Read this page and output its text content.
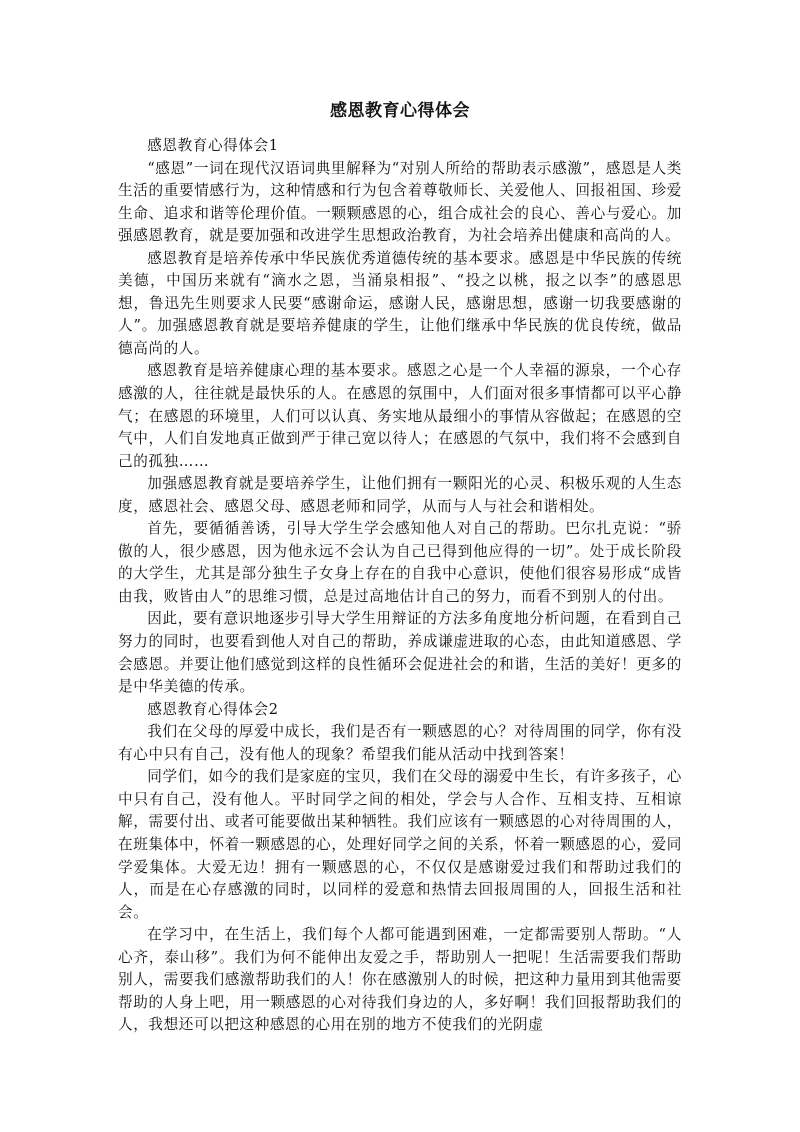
感恩教育心得体会

感恩教育心得体会1

“感恩”一词在现代汉语词典里解释为“对别人所给的帮助表示感激”，感恩是人类生活的重要情感行为，这种情感和行为包含着尊敬师长、关爱他人、回报祖国、珍爱生命、追求和谐等伦理价值。一颗颗感恩的心，组合成社会的良心、善心与爱心。加强感恩教育，就是要加强和改进学生思想政治教育，为社会培养出健康和高尚的人。

感恩教育是培养传承中华民族优秀道德传统的基本要求。感恩是中华民族的传统美德，中国历来就有“滴水之恩，当涌泉相报”、“投之以桃，报之以李”的感恩思想，鲁迅先生则要求人民要“感谢命运，感谢人民，感谢思想，感谢一切我要感谢的人”。加强感恩教育就是要培养健康的学生，让他们继承中华民族的优良传统，做品德高尚的人。

感恩教育是培养健康心理的基本要求。感恩之心是一个人幸福的源泉，一个心存感激的人，往往就是最快乐的人。在感恩的氛围中，人们面对很多事情都可以平心静气；在感恩的环境里，人们可以认真、务实地从最细小的事情从容做起；在感恩的空气中，人们自发地真正做到严于律己宽以待人；在感恩的气氛中，我们将不会感到自己的孤独……

加强感恩教育就是要培养学生，让他们拥有一颗阳光的心灵、积极乐观的人生态度，感恩社会、感恩父母、感恩老师和同学，从而与人与社会和谐相处。

首先，要循循善诱，引导大学生学会感知他人对自己的帮助。巴尔扎克说：“骄傲的人，很少感恩，因为他永远不会认为自己已得到他应得的一切”。处于成长阶段的大学生，尤其是部分独生子女身上存在的自我中心意识，使他们很容易形成“成皆由我，败皆由人”的思维习惯，总是过高地估计自己的努力，而看不到别人的付出。

因此，要有意识地逐步引导大学生用辩证的方法多角度地分析问题，在看到自己努力的同时，也要看到他人对自己的帮助，养成谦虚进取的心态，由此知道感恩、学会感恩。并要让他们感觉到这样的良性循环会促进社会的和谐，生活的美好！更多的是中华美德的传承。

感恩教育心得体会2

我们在父母的厚爱中成长，我们是否有一颗感恩的心？对待周围的同学，你有没有心中只有自己，没有他人的现象？希望我们能从活动中找到答案！

同学们，如今的我们是家庭的宝贝，我们在父母的溺爱中生长，有许多孩子，心中只有自己，没有他人。平时同学之间的相处，学会与人合作、互相支持、互相谅解，需要付出、或者可能要做出某种牺牲。我们应该有一颗感恩的心对待周围的人，在班集体中，怀着一颗感恩的心，处理好同学之间的关系，怀着一颗感恩的心，爱同学爱集体。大爱无边！拥有一颗感恩的心，不仅仅是感谢爱过我们和帮助过我们的人，而是在心存感激的同时，以同样的爱意和热情去回报周围的人，回报生活和社会。

在学习中，在生活上，我们每个人都可能遇到困难，一定都需要别人帮助。“人心齐，泰山移”。我们为何不能伸出友爱之手，帮助别人一把呢！生活需要我们帮助别人，需要我们感激帮助我们的人！你在感激别人的时候，把这种力量用到其他需要帮助的人身上吧，用一颗感恩的心对待我们身边的人，多好啊！我们回报帮助我们的人，我想还可以把这种感恩的心用在别的地方不使我们的光阴虚
